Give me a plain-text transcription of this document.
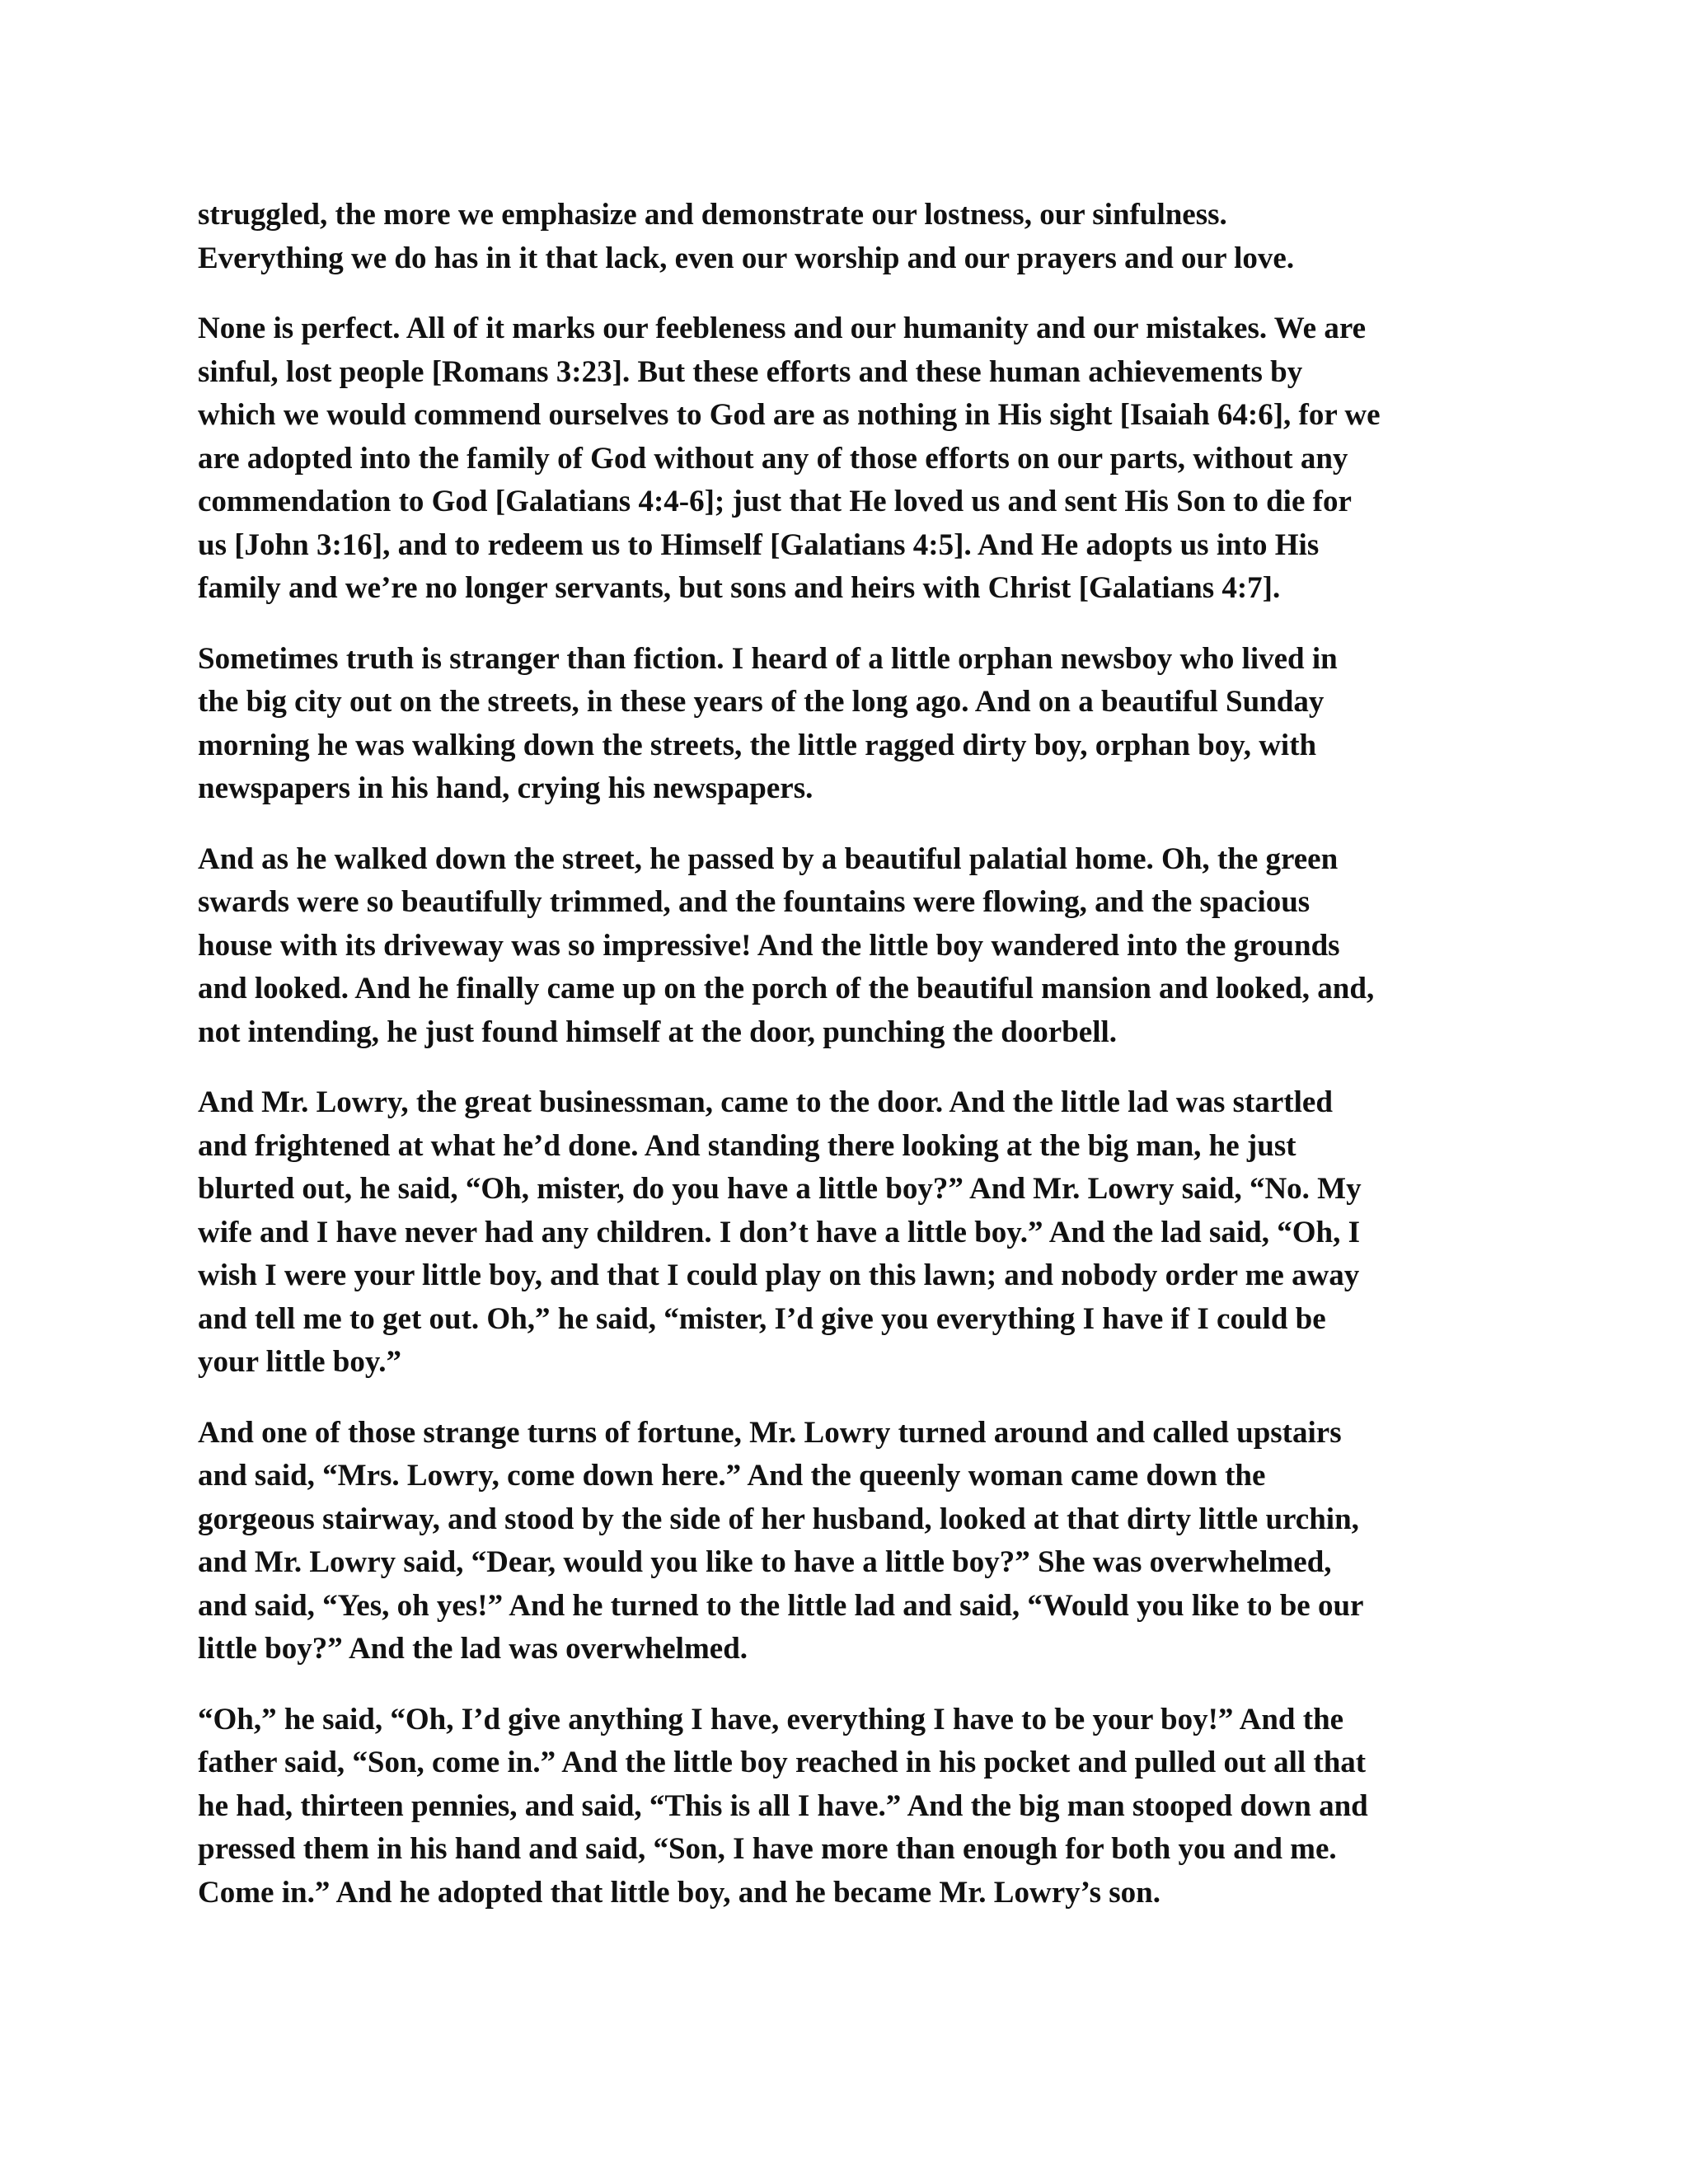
struggled, the more we emphasize and demonstrate our lostness, our sinfulness.
Everything we do has in it that lack, even our worship and our prayers and our love.

None is perfect. All of it marks our feebleness and our humanity and our mistakes. We are
sinful, lost people [Romans 3:23]. But these efforts and these human achievements by
which we would commend ourselves to God are as nothing in His sight [Isaiah 64:6], for we
are adopted into the family of God without any of those efforts on our parts, without any
commendation to God [Galatians 4:4-6]; just that He loved us and sent His Son to die for
us [John 3:16], and to redeem us to Himself [Galatians 4:5]. And He adopts us into His
family and we’re no longer servants, but sons and heirs with Christ [Galatians 4:7].

Sometimes truth is stranger than fiction. I heard of a little orphan newsboy who lived in
the big city out on the streets, in these years of the long ago. And on a beautiful Sunday
morning he was walking down the streets, the little ragged dirty boy, orphan boy, with
newspapers in his hand, crying his newspapers.

And as he walked down the street, he passed by a beautiful palatial home. Oh, the green
swards were so beautifully trimmed, and the fountains were flowing, and the spacious
house with its driveway was so impressive! And the little boy wandered into the grounds
and looked. And he finally came up on the porch of the beautiful mansion and looked, and,
not intending, he just found himself at the door, punching the doorbell.

And Mr. Lowry, the great businessman, came to the door. And the little lad was startled
and frightened at what he’d done. And standing there looking at the big man, he just
blurted out, he said, “Oh, mister, do you have a little boy?” And Mr. Lowry said, “No. My
wife and I have never had any children. I don’t have a little boy.” And the lad said, “Oh, I
wish I were your little boy, and that I could play on this lawn; and nobody order me away
and tell me to get out. Oh,” he said, “mister, I’d give you everything I have if I could be
your little boy.”

And one of those strange turns of fortune, Mr. Lowry turned around and called upstairs
and said, “Mrs. Lowry, come down here.” And the queenly woman came down the
gorgeous stairway, and stood by the side of her husband, looked at that dirty little urchin,
and Mr. Lowry said, “Dear, would you like to have a little boy?” She was overwhelmed,
and said, “Yes, oh yes!” And he turned to the little lad and said, “Would you like to be our
little boy?” And the lad was overwhelmed.

“Oh,” he said, “Oh, I’d give anything I have, everything I have to be your boy!” And the
father said, “Son, come in.” And the little boy reached in his pocket and pulled out all that
he had, thirteen pennies, and said, “This is all I have.” And the big man stooped down and
pressed them in his hand and said, “Son, I have more than enough for both you and me.
Come in.” And he adopted that little boy, and he became Mr. Lowry’s son.
